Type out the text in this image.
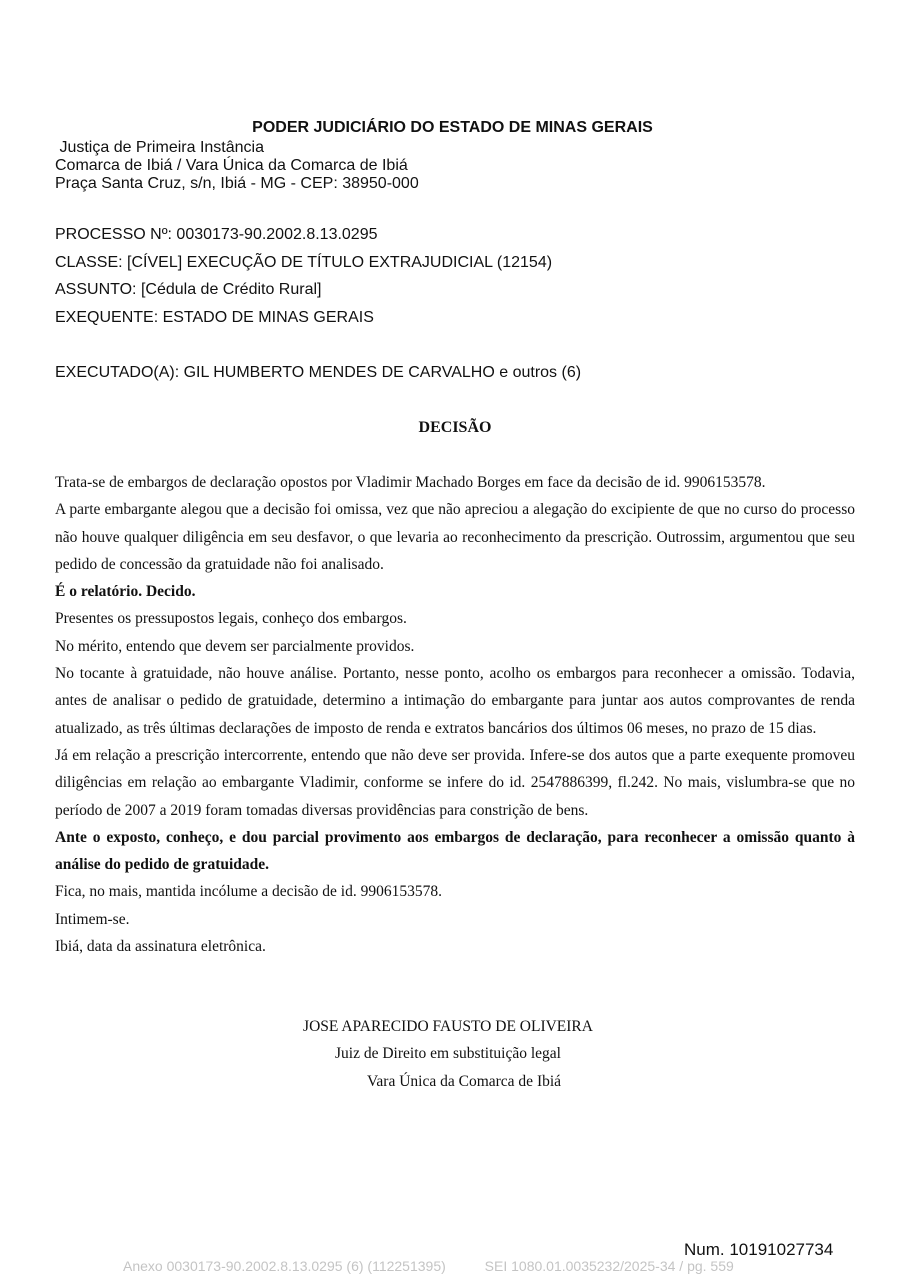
PODER JUDICIÁRIO DO ESTADO DE MINAS GERAIS
Justiça de Primeira Instância
Comarca de Ibiá / Vara Única da Comarca de Ibiá
Praça Santa Cruz, s/n, Ibiá - MG - CEP: 38950-000
PROCESSO Nº: 0030173-90.2002.8.13.0295
CLASSE: [CÍVEL] EXECUÇÃO DE TÍTULO EXTRAJUDICIAL (12154)
ASSUNTO: [Cédula de Crédito Rural]
EXEQUENTE: ESTADO DE MINAS GERAIS
EXECUTADO(A): GIL HUMBERTO MENDES DE CARVALHO e outros (6)
DECISÃO

Trata-se de embargos de declaração opostos por Vladimir Machado Borges em face da decisão de id. 9906153578.

A parte embargante alegou que a decisão foi omissa, vez que não apreciou a alegação do excipiente de que no curso do processo não houve qualquer diligência em seu desfavor, o que levaria ao reconhecimento da prescrição. Outrossim, argumentou que seu pedido de concessão da gratuidade não foi analisado.

É o relatório. Decido.

Presentes os pressupostos legais, conheço dos embargos.

No mérito, entendo que devem ser parcialmente providos.

No tocante à gratuidade, não houve análise. Portanto, nesse ponto, acolho os embargos para reconhecer a omissão. Todavia, antes de analisar o pedido de gratuidade, determino a intimação do embargante para juntar aos autos comprovantes de renda atualizado, as três últimas declarações de imposto de renda e extratos bancários dos últimos 06 meses, no prazo de 15 dias.

Já em relação a prescrição intercorrente, entendo que não deve ser provida. Infere-se dos autos que a parte exequente promoveu diligências em relação ao embargante Vladimir, conforme se infere do id. 2547886399, fl.242. No mais, vislumbra-se que no período de 2007 a 2019 foram tomadas diversas providências para constrição de bens.

Ante o exposto, conheço, e dou parcial provimento aos embargos de declaração, para reconhecer a omissão quanto à análise do pedido de gratuidade.

Fica, no mais, mantida incólume a decisão de id. 9906153578.

Intimem-se.

Ibiá, data da assinatura eletrônica.

JOSE APARECIDO FAUSTO DE OLIVEIRA
Juiz de Direito em substituição legal
Vara Única da Comarca de Ibiá
Num. 10191027734
Anexo 0030173-90.2002.8.13.0295 (6) (112251395)          SEI 1080.01.0035232/2025-34 / pg. 559
